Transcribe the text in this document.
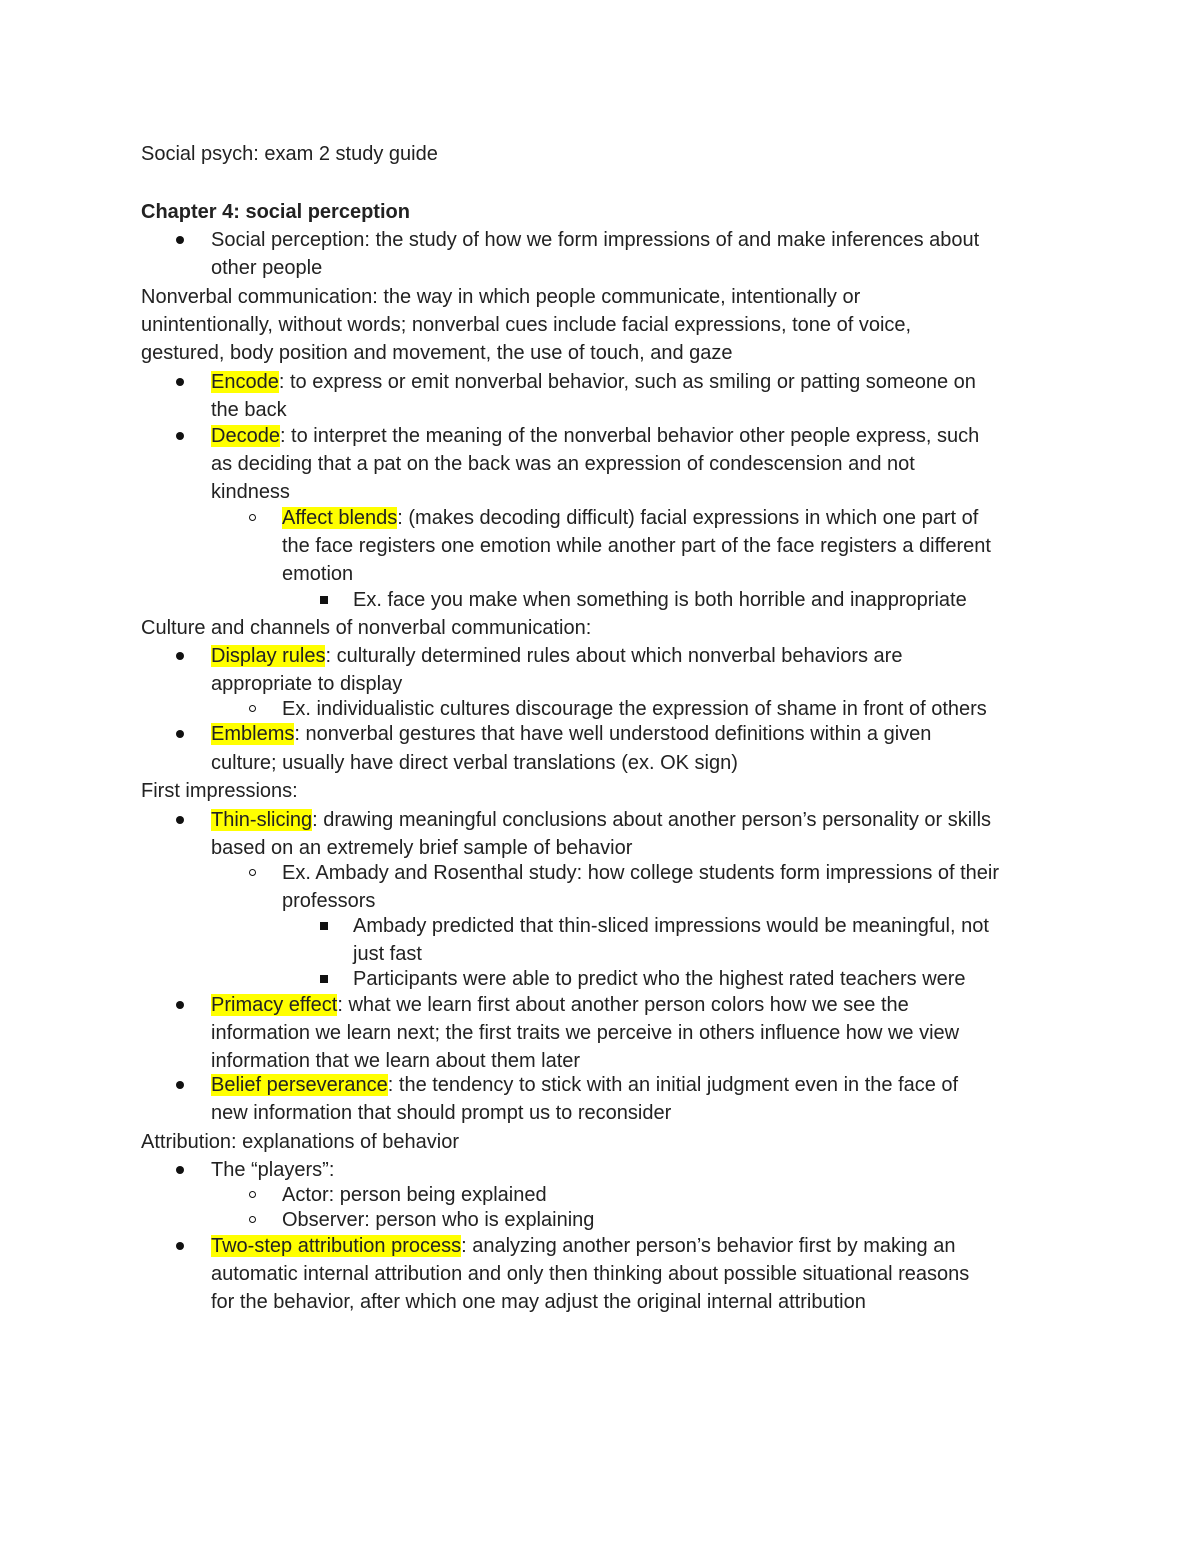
Social psych: exam 2 study guide
Chapter 4: social perception
Social perception: the study of how we form impressions of and make inferences about
other people
Nonverbal communication: the way in which people communicate, intentionally or
unintentionally, without words; nonverbal cues include facial expressions, tone of voice,
gestured, body position and movement, the use of touch, and gaze
Encode: to express or emit nonverbal behavior, such as smiling or patting someone on
the back
Decode: to interpret the meaning of the nonverbal behavior other people express, such
as deciding that a pat on the back was an expression of condescension and not
kindness
Affect blends: (makes decoding difficult) facial expressions in which one part of
the face registers one emotion while another part of the face registers a different
emotion
Ex. face you make when something is both horrible and inappropriate
Culture and channels of nonverbal communication:
Display rules: culturally determined rules about which nonverbal behaviors are
appropriate to display
Ex. individualistic cultures discourage the expression of shame in front of others
Emblems: nonverbal gestures that have well understood definitions within a given
culture; usually have direct verbal translations (ex. OK sign)
First impressions:
Thin-slicing: drawing meaningful conclusions about another person’s personality or skills
based on an extremely brief sample of behavior
Ex. Ambady and Rosenthal study: how college students form impressions of their
professors
Ambady predicted that thin-sliced impressions would be meaningful, not
just fast
Participants were able to predict who the highest rated teachers were
Primacy effect: what we learn first about another person colors how we see the
information we learn next; the first traits we perceive in others influence how we view
information that we learn about them later
Belief perseverance: the tendency to stick with an initial judgment even in the face of
new information that should prompt us to reconsider
Attribution: explanations of behavior
The “players”:
Actor: person being explained
Observer: person who is explaining
Two-step attribution process: analyzing another person’s behavior first by making an
automatic internal attribution and only then thinking about possible situational reasons
for the behavior, after which one may adjust the original internal attribution
